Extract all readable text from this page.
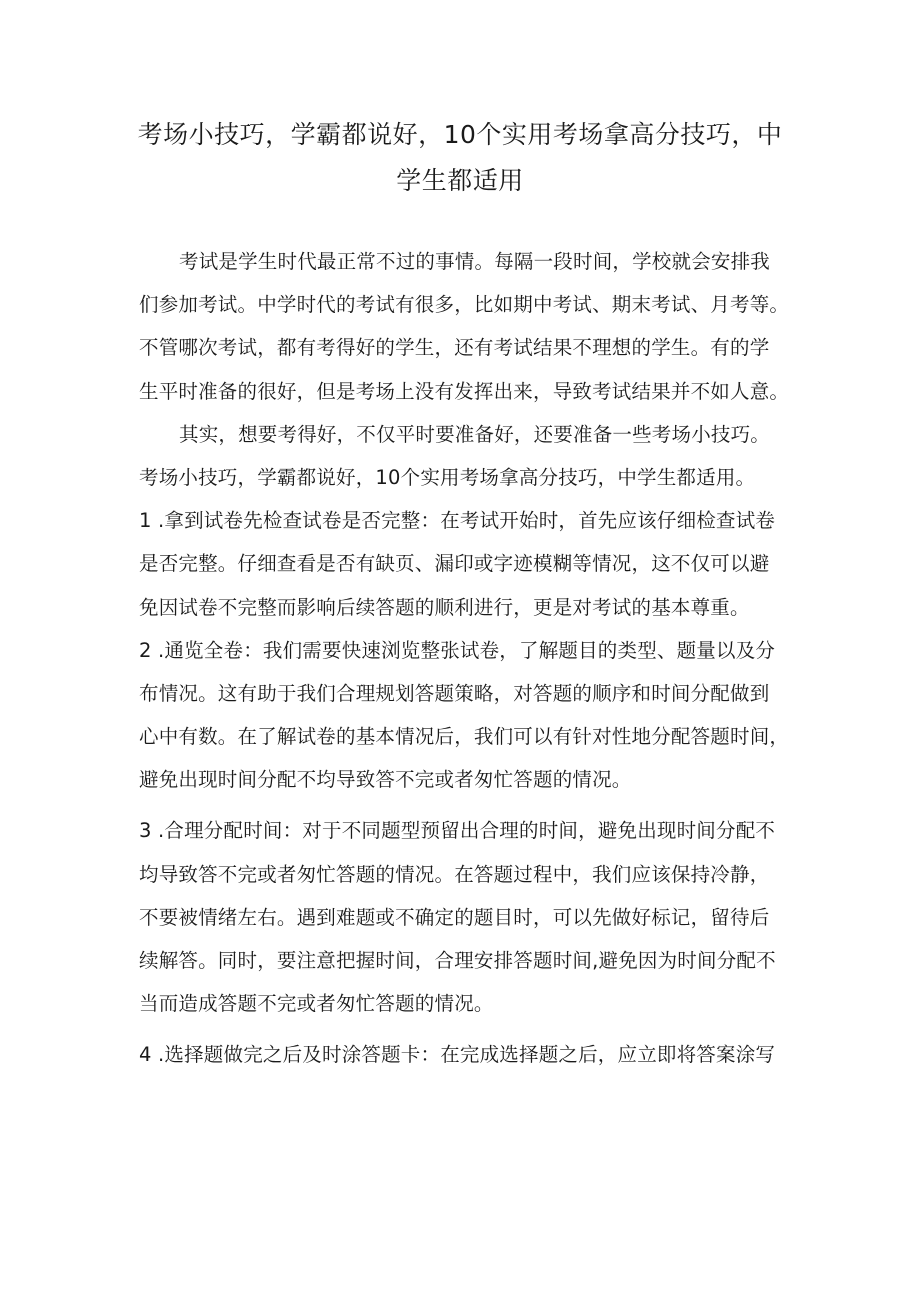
考场小技巧，学霸都说好，10个实用考场拿高分技巧，中
学生都适用
考试是学生时代最正常不过的事情。每隔一段时间，学校就会安排我
们参加考试。中学时代的考试有很多，比如期中考试、期末考试、月考等。
不管哪次考试，都有考得好的学生，还有考试结果不理想的学生。有的学
生平时准备的很好，但是考场上没有发挥出来，导致考试结果并不如人意。
其实，想要考得好，不仅平时要准备好，还要准备一些考场小技巧。
考场小技巧，学霸都说好，10个实用考场拿高分技巧，中学生都适用。
1 .拿到试卷先检查试卷是否完整：在考试开始时，首先应该仔细检查试卷
是否完整。仔细查看是否有缺页、漏印或字迹模糊等情况，这不仅可以避
免因试卷不完整而影响后续答题的顺利进行，更是对考试的基本尊重。
2 .通览全卷：我们需要快速浏览整张试卷，了解题目的类型、题量以及分
布情况。这有助于我们合理规划答题策略，对答题的顺序和时间分配做到
心中有数。在了解试卷的基本情况后，我们可以有针对性地分配答题时间，
避免出现时间分配不均导致答不完或者匆忙答题的情况。
3 .合理分配时间：对于不同题型预留出合理的时间，避免出现时间分配不
均导致答不完或者匆忙答题的情况。在答题过程中，我们应该保持冷静，
不要被情绪左右。遇到难题或不确定的题目时，可以先做好标记，留待后
续解答。同时，要注意把握时间，合理安排答题时间,避免因为时间分配不
当而造成答题不完或者匆忙答题的情况。
4 .选择题做完之后及时涂答题卡：在完成选择题之后，应立即将答案涂写
